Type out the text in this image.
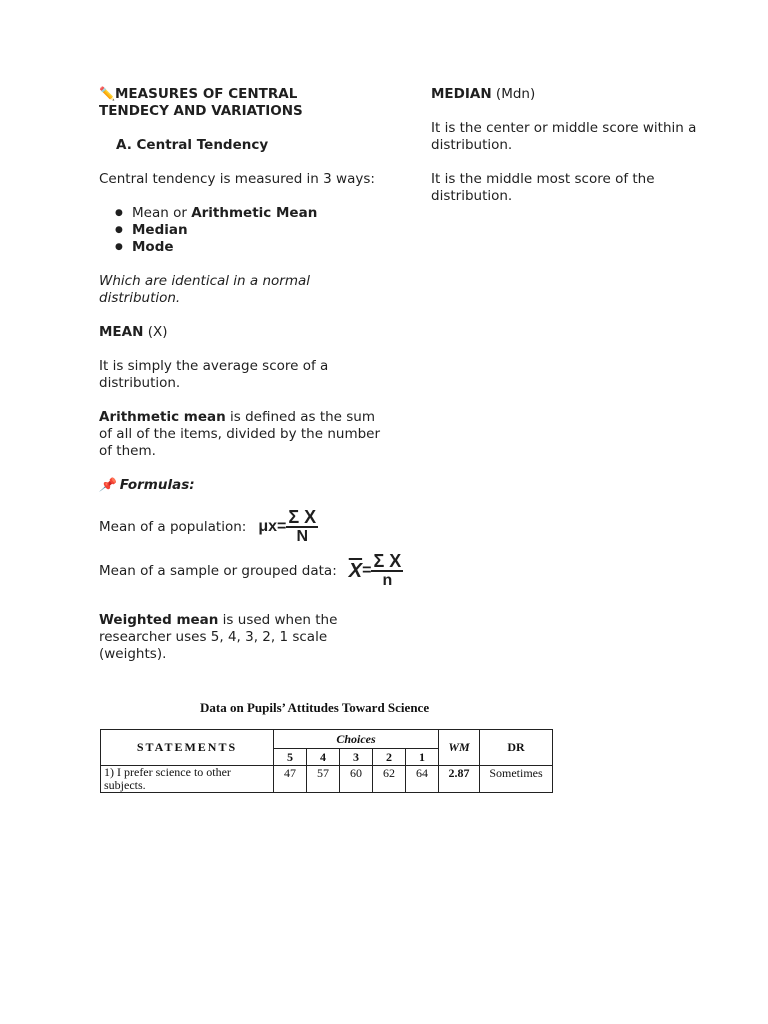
✏️MEASURES OF CENTRAL
TENDECY AND VARIATIONS

A. Central Tendency

Central tendency is measured in 3 ways:

● Mean or Arithmetic Mean
● Median
● Mode

Which are identical in a normal distribution.

MEAN (X)

It is simply the average score of a distribution.

Arithmetic mean is defined as the sum of all of the items, divided by the number of them.

📌 Formulas:

Mean of a population: $\mu x= \frac{\text{Σ X}}{N}$
Mean of a sample or grouped data: $\overline{X} = \frac{\text{Σ X}}{n}$

Weighted mean is used when the researcher uses 5, 4, 3, 2, 1 scale (weights).

MEDIAN (Mdn)

It is the center or middle score within a distribution.

It is the middle most score of the distribution.

Data on Pupils’ Attitudes Toward Science
STATEMENTS	Choices					WM	DR
	5	4	3	2	1		
1) I prefer science to other subjects.	47	57	60	62	64	2.87	Sometimes
